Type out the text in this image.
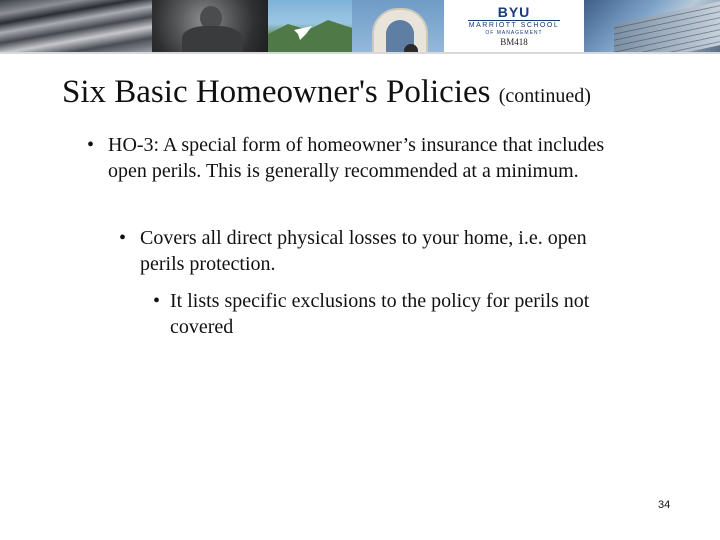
BYU
MARRIOTT SCHOOL
OF MANAGEMENT
BM418
Six Basic Homeowner's Policies (continued)
• HO-3: A special form of homeowner’s insurance that includes open perils. This is generally recommended at a minimum.
• Covers all direct physical losses to your home, i.e. open perils protection.
• It lists specific exclusions to the policy for perils not covered
34
